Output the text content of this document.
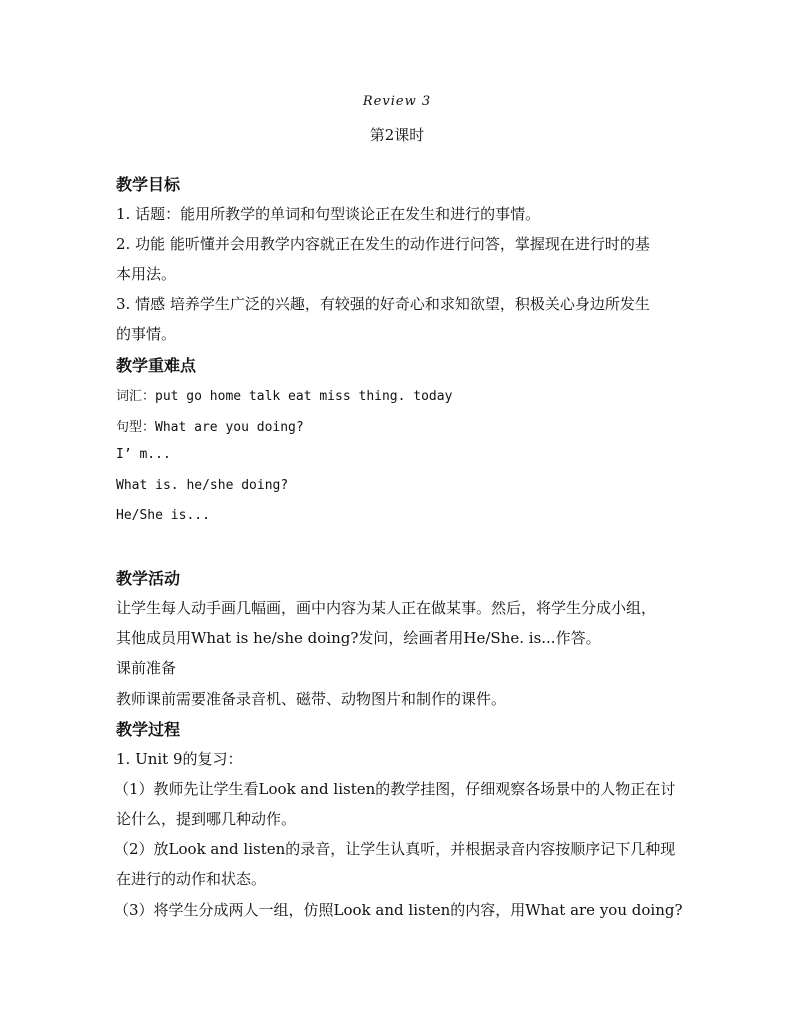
Review 3
第2课时
教学目标
1. 话题：能用所教学的单词和句型谈论正在发生和进行的事情。
2. 功能 能听懂并会用教学内容就正在发生的动作进行问答，掌握现在进行时的基
本用法。
3. 情感 培养学生广泛的兴趣，有较强的好奇心和求知欲望，积极关心身边所发生
的事情。
教学重难点
词汇：put go home talk eat miss thing. today
句型：What are you doing?
I’ m...
What is. he/she doing?
He/She is...
教学活动
让学生每人动手画几幅画，画中内容为某人正在做某事。然后，将学生分成小组，
其他成员用What is he/she doing?发问，绘画者用He/She. is...作答。
课前准备
教师课前需要准备录音机、磁带、动物图片和制作的课件。
教学过程
1. Unit 9的复习：
（1）教师先让学生看Look and listen的教学挂图，仔细观察各场景中的人物正在讨
论什么，提到哪几种动作。
（2）放Look and listen的录音，让学生认真听，并根据录音内容按顺序记下几种现
在进行的动作和状态。
（3）将学生分成两人一组，仿照Look and listen的内容，用What are you doing?
